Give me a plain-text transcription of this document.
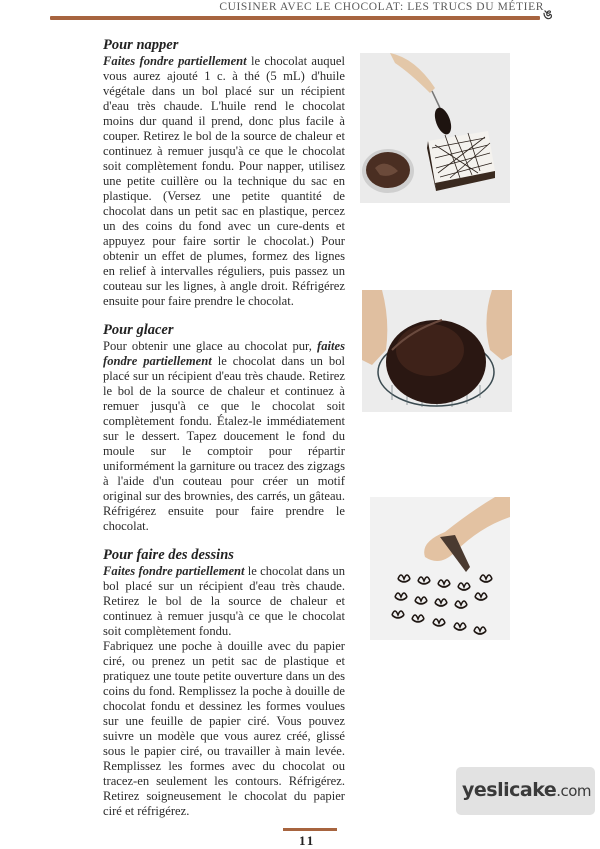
CUISINER AVEC LE CHOCOLAT: LES TRUCS DU MÉTIER
ঙ
Pour napper

Faites fondre partiellement le chocolat auquel vous aurez ajouté 1 c. à thé (5 mL) d'huile végétale dans un bol placé sur un récipient d'eau très chaude. L'huile rend le chocolat moins dur quand il prend, donc plus facile à couper. Retirez le bol de la source de chaleur et continuez à remuer jusqu'à ce que le chocolat soit complètement fondu. Pour napper, utilisez une petite cuillère ou la technique du sac en plastique. (Versez une petite quantité de chocolat dans un petit sac en plastique, percez un des coins du fond avec un cure-dents et appuyez pour faire sortir le chocolat.) Pour obtenir un effet de plumes, formez des lignes en relief à intervalles réguliers, puis passez un couteau sur les lignes, à angle droit. Réfrigérez ensuite pour faire prendre le chocolat.

Pour glacer

Pour obtenir une glace au chocolat pur, faites fondre partiellement le chocolat dans un bol placé sur un récipient d'eau très chaude. Retirez le bol de la source de chaleur et continuez à remuer jusqu'à ce que le chocolat soit complètement fondu. Étalez-le immédiatement sur le dessert. Tapez doucement le fond du moule sur le comptoir pour répartir uniformément la garniture ou tracez des zigzags à l'aide d'un couteau pour créer un motif original sur des brownies, des carrés, un gâteau. Réfrigérez ensuite pour faire prendre le chocolat.

Pour faire des dessins

Faites fondre partiellement le chocolat dans un bol placé sur un récipient d'eau très chaude. Retirez le bol de la source de chaleur et continuez à remuer jusqu'à ce que le chocolat soit complètement fondu.

Fabriquez une poche à douille avec du papier ciré, ou prenez un petit sac de plastique et pratiquez une toute petite ouverture dans un des coins du fond. Remplissez la poche à douille de chocolat fondu et dessinez les formes voulues sur une feuille de papier ciré. Vous pouvez suivre un modèle que vous aurez créé, glissé sous le papier ciré, ou travailler à main levée. Remplissez les formes avec du chocolat ou tracez-en seulement les contours. Réfrigérez. Retirez soigneusement le chocolat du papier ciré et réfrigérez.

yeslicake.com
11
